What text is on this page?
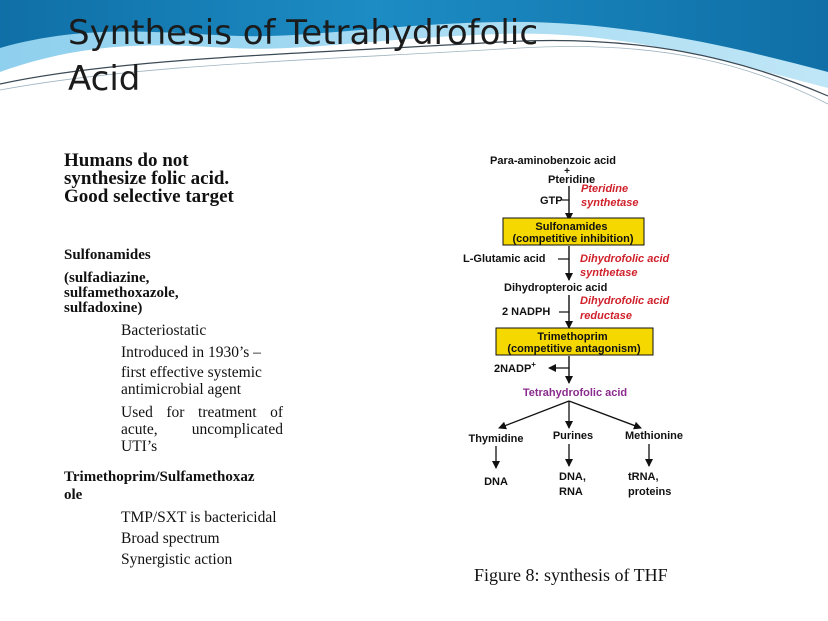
Synthesis of Tetrahydrofolic
Acid
Humans do not
synthesize folic acid.
Good selective target
Sulfonamides
(sulfadiazine,
sulfamethoxazole,
sulfadoxine)
Bacteriostatic
Introduced in 1930’s –
first effective systemic
antimicrobial agent
Used for treatment of acute, uncomplicated UTI’s
Trimethoprim/Sulfamethoxaz
ole
TMP/SXT is bactericidal
Broad spectrum
Synergistic action
Para-aminobenzoic acid
+
Pteridine
GTP
Pteridine synthetase
Sulfonamides (competitive inhibition)
L-Glutamic acid	Dihydrofolic acid synthetase
Dihydropteroic acid
2 NADPH
Dihydrofolic acid reductase
Trimethoprim (competitive antagonism)
2NADP+
Tetrahydrofolic acid
Thymidine	Purines	Methionine
DNA	DNA, RNA
tRNA, proteins
Figure 8: synthesis of THF
